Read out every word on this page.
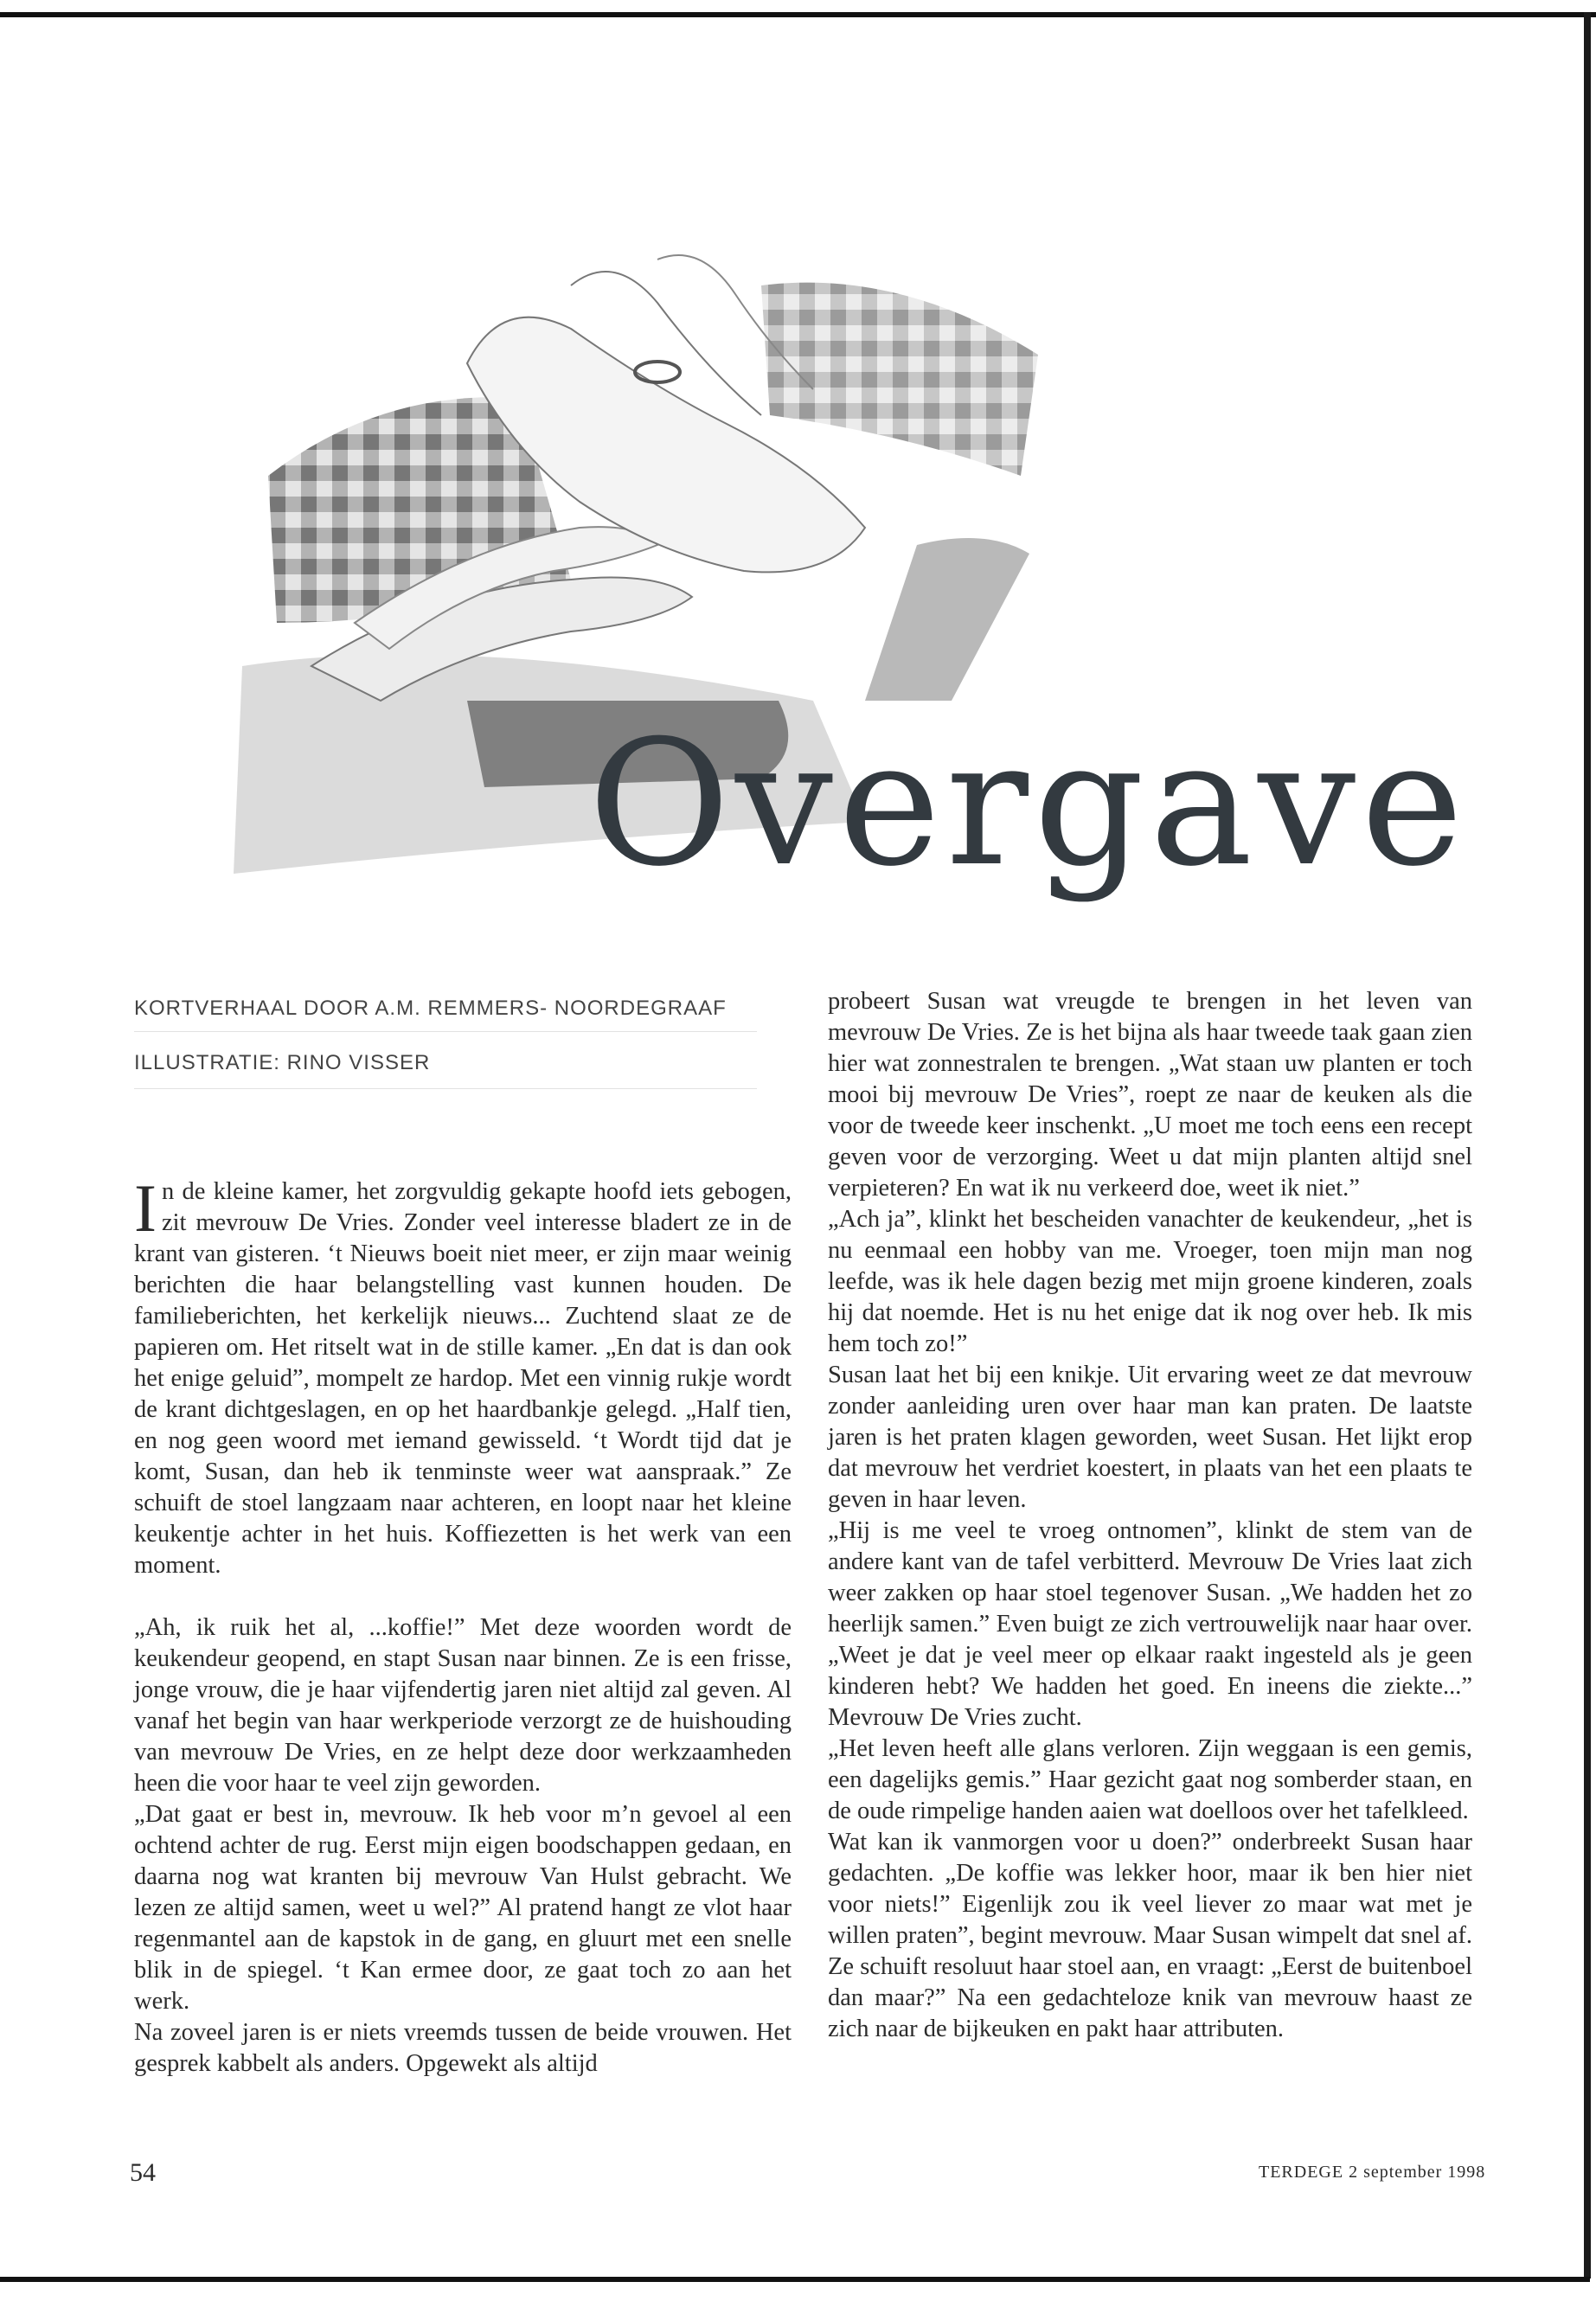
Overgave
KORTVERHAAL DOOR A.M. REMMERS- NOORDEGRAAF
ILLUSTRATIE: RINO VISSER

In de kleine kamer, het zorgvuldig gekapte hoofd iets gebogen, zit mevrouw De Vries. Zonder veel interesse bladert ze in de krant van gisteren. ‘t Nieuws boeit niet meer, er zijn maar weinig berichten die haar belangstelling vast kunnen houden. De familieberichten, het kerkelijk nieuws... Zuchtend slaat ze de papieren om. Het ritselt wat in de stille kamer. „En dat is dan ook het enige geluid”, mompelt ze hardop. Met een vinnig rukje wordt de krant dichtgeslagen, en op het haardbankje gelegd. „Half tien, en nog geen woord met iemand gewisseld. ‘t Wordt tijd dat je komt, Susan, dan heb ik tenminste weer wat aanspraak.” Ze schuift de stoel langzaam naar achteren, en loopt naar het kleine keukentje achter in het huis. Koffiezetten is het werk van een moment.

„Ah, ik ruik het al, ...koffie!” Met deze woorden wordt de keukendeur geopend, en stapt Susan naar binnen. Ze is een frisse, jonge vrouw, die je haar vijfendertig jaren niet altijd zal geven. Al vanaf het begin van haar werkperiode verzorgt ze de huishouding van mevrouw De Vries, en ze helpt deze door werkzaamheden heen die voor haar te veel zijn geworden.

„Dat gaat er best in, mevrouw. Ik heb voor m’n gevoel al een ochtend achter de rug. Eerst mijn eigen boodschappen gedaan, en daarna nog wat kranten bij mevrouw Van Hulst gebracht. We lezen ze altijd samen, weet u wel?” Al pratend hangt ze vlot haar regenmantel aan de kapstok in de gang, en gluurt met een snelle blik in de spiegel. ‘t Kan ermee door, ze gaat toch zo aan het werk.

Na zoveel jaren is er niets vreemds tussen de beide vrouwen. Het gesprek kabbelt als anders. Opgewekt als altijd

probeert Susan wat vreugde te brengen in het leven van mevrouw De Vries. Ze is het bijna als haar tweede taak gaan zien hier wat zonnestralen te brengen. „Wat staan uw planten er toch mooi bij mevrouw De Vries”, roept ze naar de keuken als die voor de tweede keer inschenkt. „U moet me toch eens een recept geven voor de verzorging. Weet u dat mijn planten altijd snel verpieteren? En wat ik nu verkeerd doe, weet ik niet.”

„Ach ja”, klinkt het bescheiden vanachter de keukendeur, „het is nu eenmaal een hobby van me. Vroeger, toen mijn man nog leefde, was ik hele dagen bezig met mijn groene kinderen, zoals hij dat noemde. Het is nu het enige dat ik nog over heb. Ik mis hem toch zo!”

Susan laat het bij een knikje. Uit ervaring weet ze dat mevrouw zonder aanleiding uren over haar man kan praten. De laatste jaren is het praten klagen geworden, weet Susan. Het lijkt erop dat mevrouw het verdriet koestert, in plaats van het een plaats te geven in haar leven.

„Hij is me veel te vroeg ontnomen”, klinkt de stem van de andere kant van de tafel verbitterd. Mevrouw De Vries laat zich weer zakken op haar stoel tegenover Susan. „We hadden het zo heerlijk samen.” Even buigt ze zich vertrouwelijk naar haar over. „Weet je dat je veel meer op elkaar raakt ingesteld als je geen kinderen hebt? We hadden het goed. En ineens die ziekte...” Mevrouw De Vries zucht.

„Het leven heeft alle glans verloren. Zijn weggaan is een gemis, een dagelijks gemis.” Haar gezicht gaat nog somberder staan, en de oude rimpelige handen aaien wat doelloos over het tafelkleed.

Wat kan ik vanmorgen voor u doen?” onderbreekt Susan haar gedachten. „De koffie was lekker hoor, maar ik ben hier niet voor niets!” Eigenlijk zou ik veel liever zo maar wat met je willen praten”, begint mevrouw. Maar Susan wimpelt dat snel af. Ze schuift resoluut haar stoel aan, en vraagt: „Eerst de buitenboel dan maar?” Na een gedachteloze knik van mevrouw haast ze zich naar de bijkeuken en pakt haar attributen.

54	TERDEGE 2 september 1998
